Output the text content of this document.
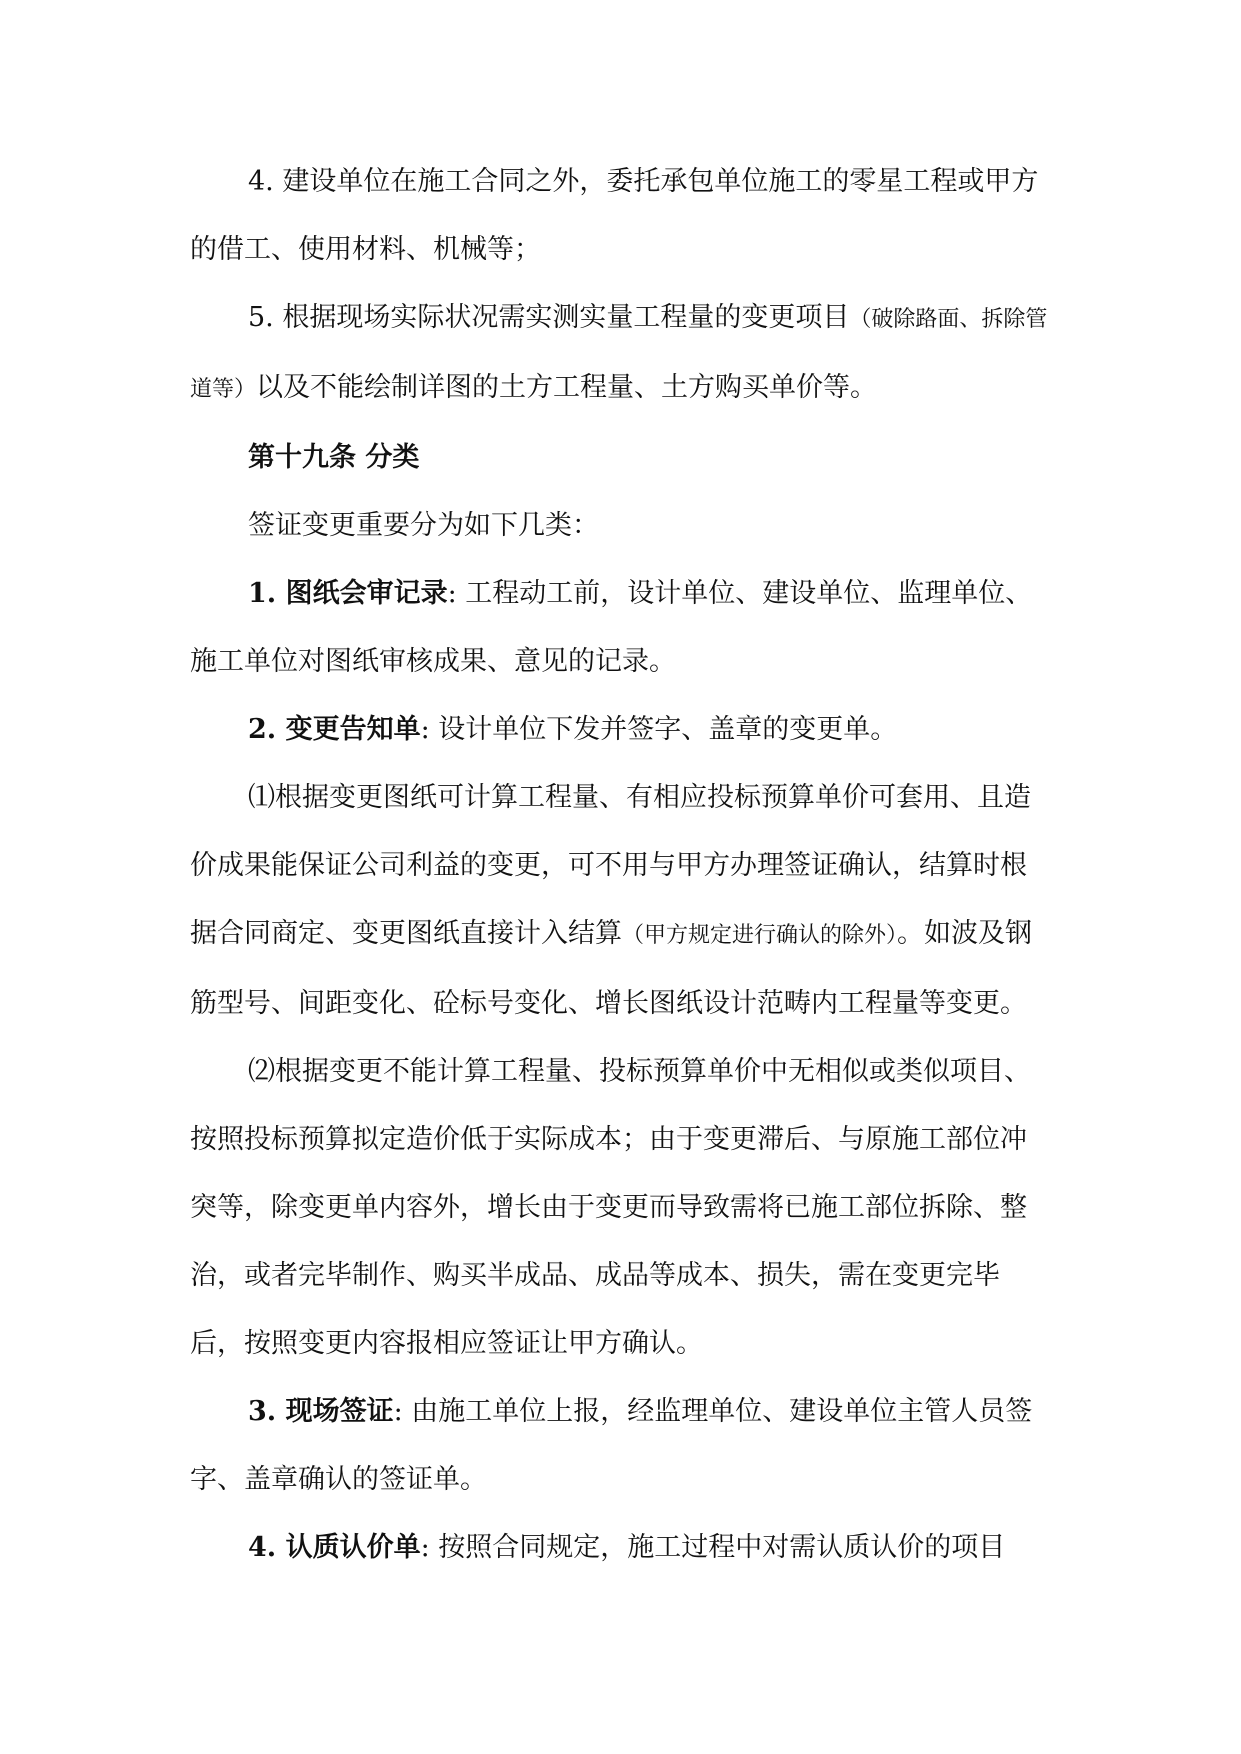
4. 建设单位在施工合同之外，委托承包单位施工的零星工程或甲方的借工、使用材料、机械等；

5. 根据现场实际状况需实测实量工程量的变更项目（破除路面、拆除管道等）以及不能绘制详图的土方工程量、土方购买单价等。

第十九条 分类

签证变更重要分为如下几类：

1. 图纸会审记录: 工程动工前，设计单位、建设单位、监理单位、施工单位对图纸审核成果、意见的记录。

2. 变更告知单: 设计单位下发并签字、盖章的变更单。

⑴根据变更图纸可计算工程量、有相应投标预算单价可套用、且造价成果能保证公司利益的变更，可不用与甲方办理签证确认，结算时根据合同商定、变更图纸直接计入结算（甲方规定进行确认的除外）。如波及钢筋型号、间距变化、砼标号变化、增长图纸设计范畴内工程量等变更。

⑵根据变更不能计算工程量、投标预算单价中无相似或类似项目、按照投标预算拟定造价低于实际成本；由于变更滞后、与原施工部位冲突等，除变更单内容外，增长由于变更而导致需将已施工部位拆除、整治，或者完毕制作、购买半成品、成品等成本、损失，需在变更完毕后，按照变更内容报相应签证让甲方确认。

3. 现场签证: 由施工单位上报，经监理单位、建设单位主管人员签字、盖章确认的签证单。

4. 认质认价单: 按照合同规定，施工过程中对需认质认价的项目
